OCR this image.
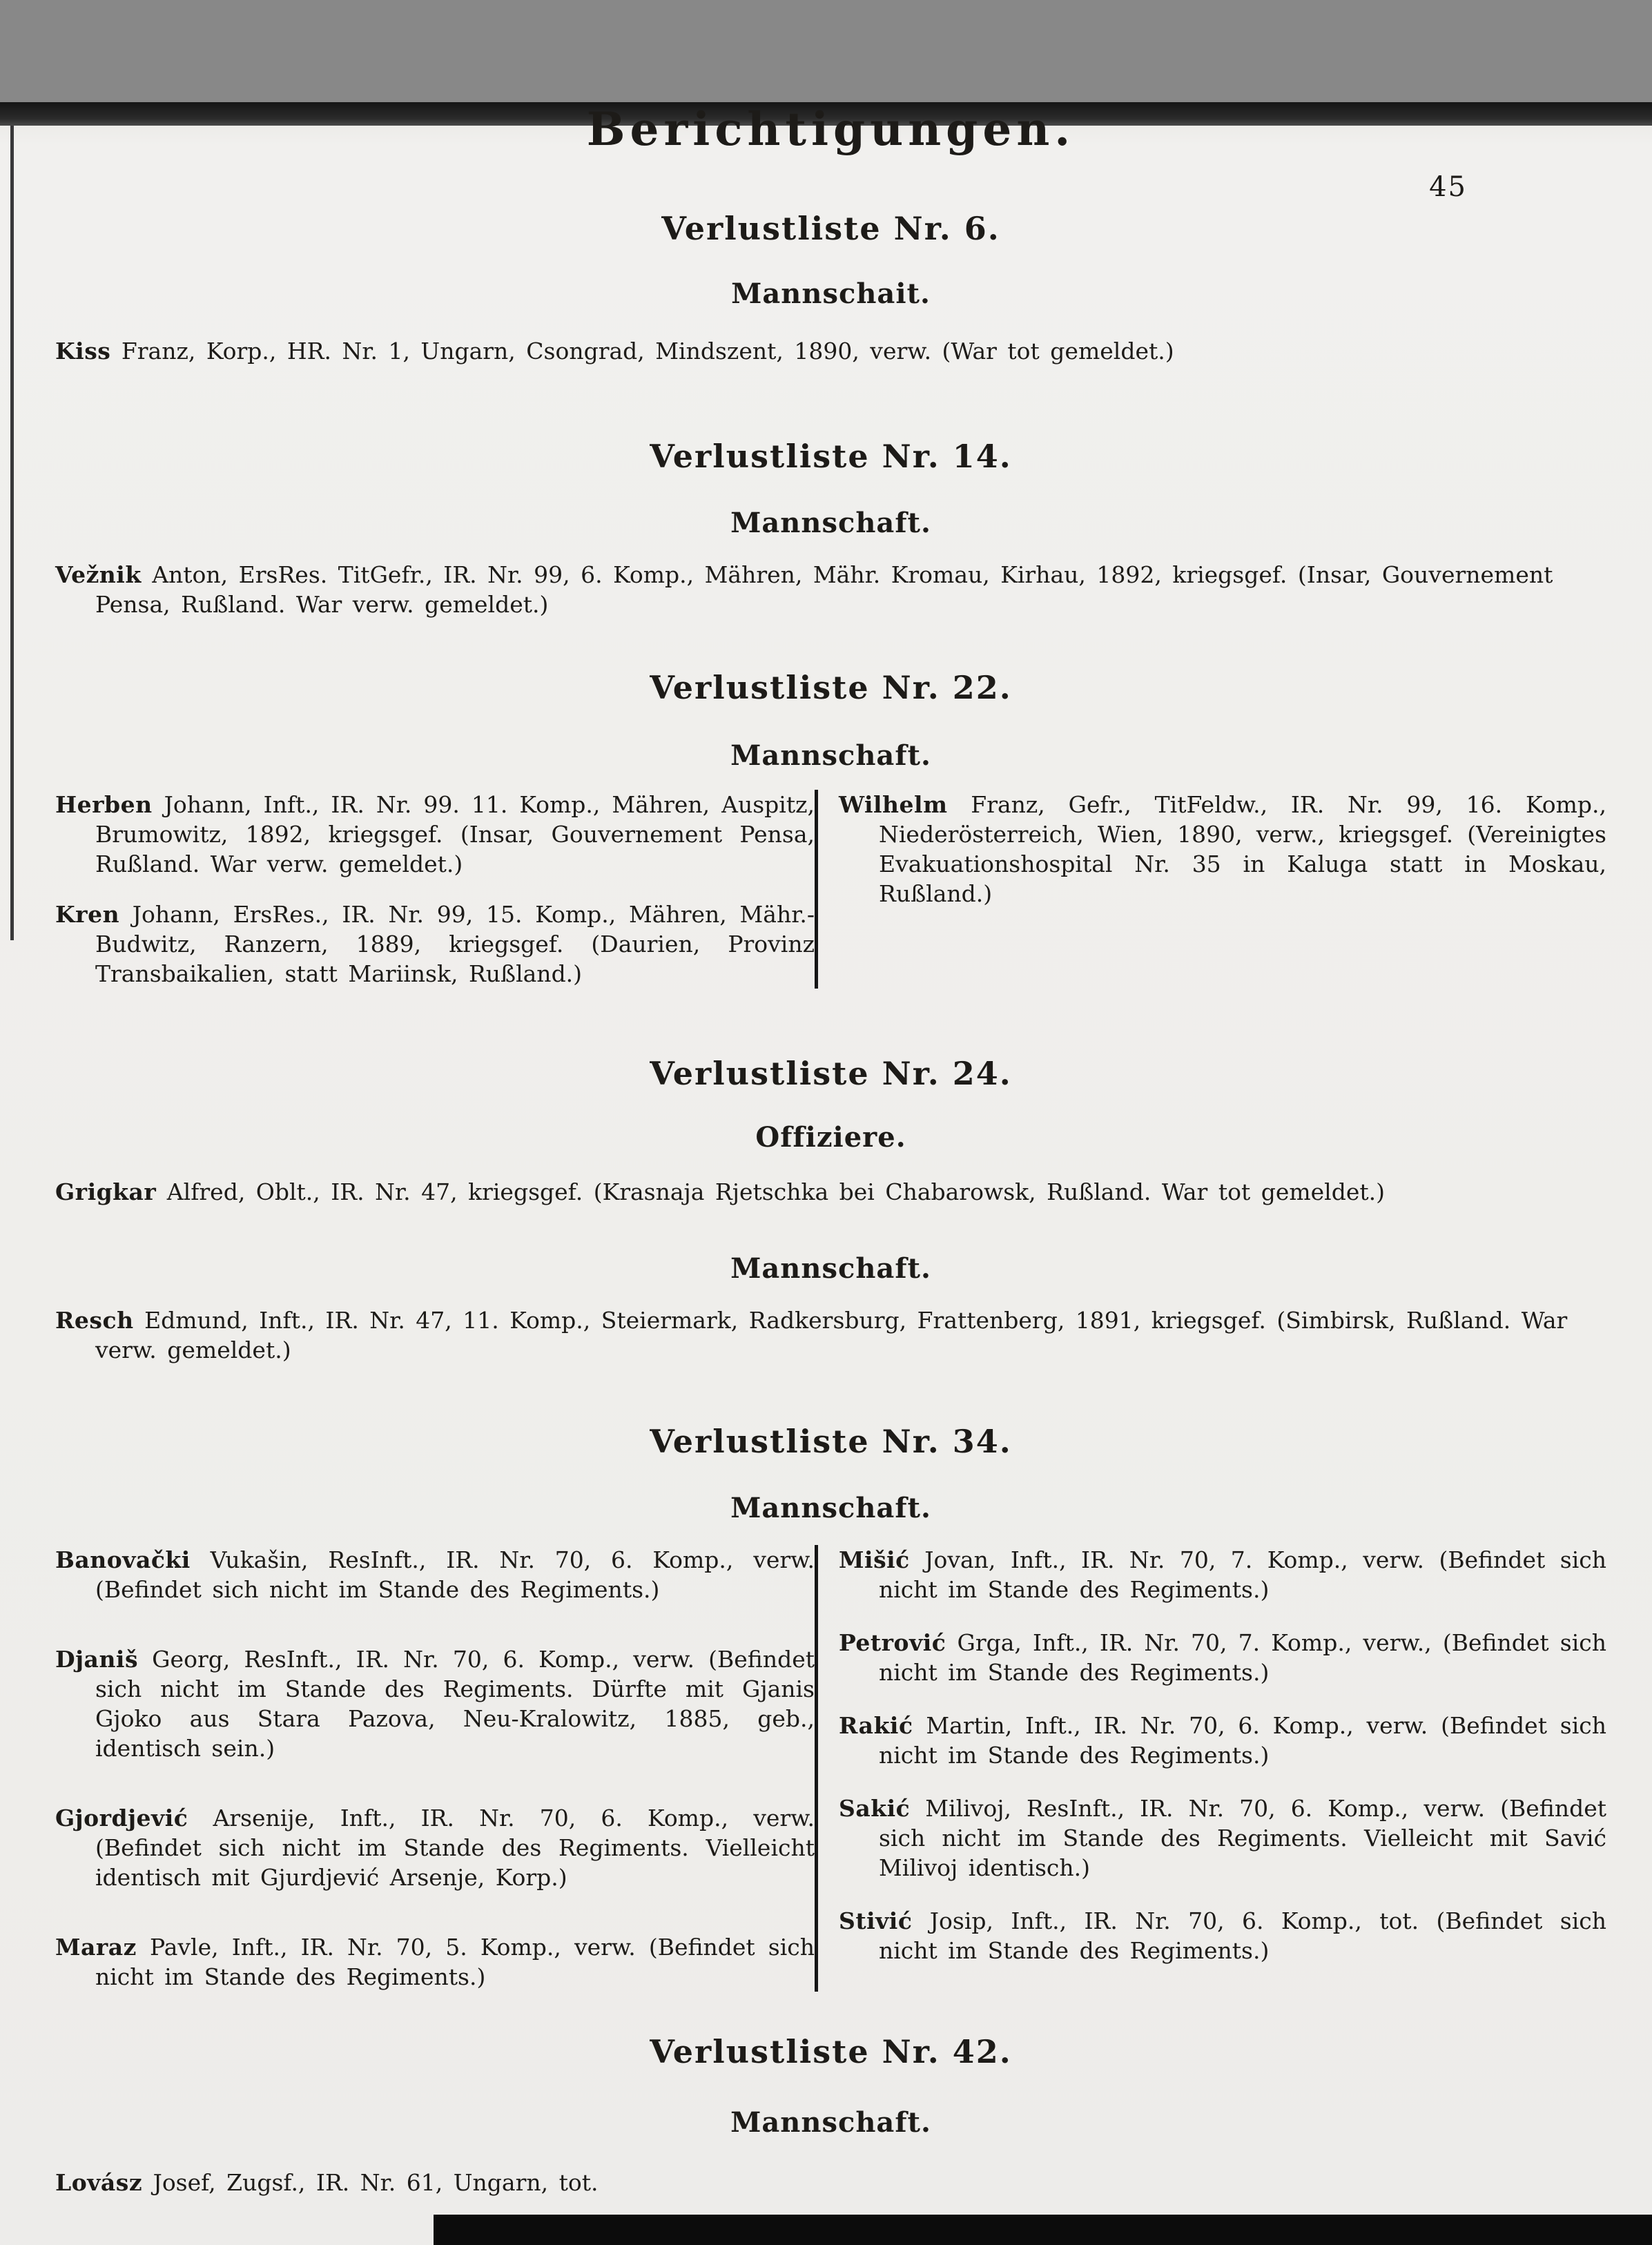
45
Berichtigungen.
Verlustliste Nr. 6.
Mannschait.

Kiss Franz, Korp., HR. Nr. 1, Ungarn, Csongrad, Mindszent, 1890, verw. (War tot gemeldet.)

Verlustliste Nr. 14.
Mannschaft.

Vežnik Anton, ErsRes. TitGefr., IR. Nr. 99, 6. Komp., Mähren, Mähr. Kromau, Kirhau, 1892, kriegsgef. (Insar, Gouvernement Pensa, Rußland. War verw. gemeldet.)

Verlustliste Nr. 22.
Mannschaft.

Herben Johann, Inft., IR. Nr. 99. 11. Komp., Mähren, Auspitz, Brumowitz, 1892, kriegsgef. (Insar, Gouvernement Pensa, Rußland. War verw. gemeldet.)

Kren Johann, ErsRes., IR. Nr. 99, 15. Komp., Mähren, Mähr.-Budwitz, Ranzern, 1889, kriegsgef. (Daurien, Provinz Transbaikalien, statt Mariinsk, Rußland.)

Wilhelm Franz, Gefr., TitFeldw., IR. Nr. 99, 16. Komp., Niederösterreich, Wien, 1890, verw., kriegsgef. (Vereinigtes Evakuationshospital Nr. 35 in Kaluga statt in Moskau, Rußland.)

Verlustliste Nr. 24.
Offiziere.

Grigkar Alfred, Oblt., IR. Nr. 47, kriegsgef. (Krasnaja Rjetschka bei Chabarowsk, Rußland. War tot gemeldet.)

Mannschaft.

Resch Edmund, Inft., IR. Nr. 47, 11. Komp., Steiermark, Radkersburg, Frattenberg, 1891, kriegsgef. (Simbirsk, Rußland. War verw. gemeldet.)

Verlustliste Nr. 34.
Mannschaft.

Banovački Vukašin, ResInft., IR. Nr. 70, 6. Komp., verw. (Befindet sich nicht im Stande des Regiments.)

Djaniš Georg, ResInft., IR. Nr. 70, 6. Komp., verw. (Befindet sich nicht im Stande des Regiments. Dürfte mit Gjanis Gjoko aus Stara Pazova, Neu-Kralowitz, 1885, geb., identisch sein.)

Gjordjević Arsenije, Inft., IR. Nr. 70, 6. Komp., verw. (Befindet sich nicht im Stande des Regiments. Vielleicht identisch mit Gjurdjević Arsenje, Korp.)

Maraz Pavle, Inft., IR. Nr. 70, 5. Komp., verw. (Befindet sich nicht im Stande des Regiments.)

Mišić Jovan, Inft., IR. Nr. 70, 7. Komp., verw. (Befindet sich nicht im Stande des Regiments.)

Petrović Grga, Inft., IR. Nr. 70, 7. Komp., verw., (Befindet sich nicht im Stande des Regiments.)

Rakić Martin, Inft., IR. Nr. 70, 6. Komp., verw. (Befindet sich nicht im Stande des Regiments.)

Sakić Milivoj, ResInft., IR. Nr. 70, 6. Komp., verw. (Befindet sich nicht im Stande des Regiments. Vielleicht mit Savić Milivoj identisch.)

Stivić Josip, Inft., IR. Nr. 70, 6. Komp., tot. (Befindet sich nicht im Stande des Regiments.)

Verlustliste Nr. 42.
Mannschaft.

Lovász Josef, Zugsf., IR. Nr. 61, Ungarn, tot.
